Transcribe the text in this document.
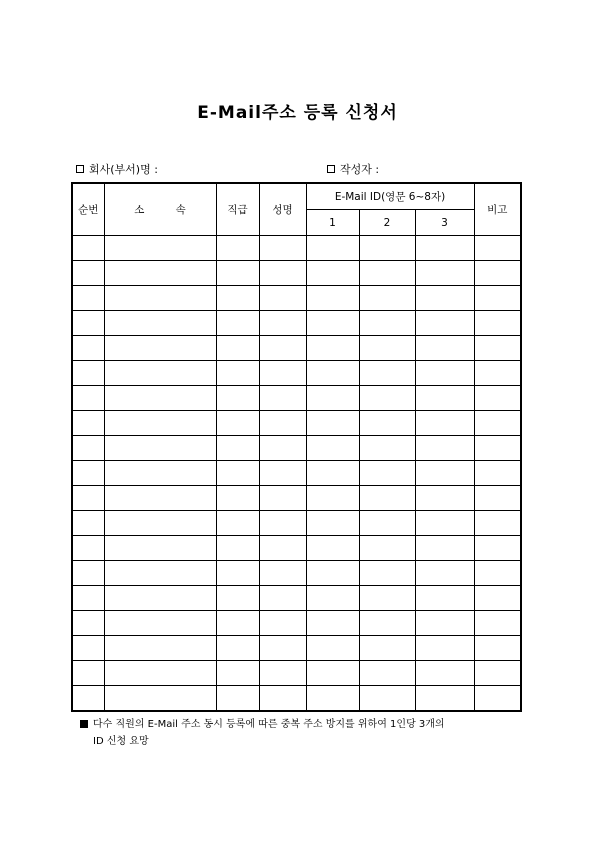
E-Mail주소 등록 신청서
회사(부서)명 :	작성자 :
순번	소 속	직급	성명	E-Mail ID(영문 6~8자)			비고
				1	2	3	

다수 직원의 E-Mail 주소 동시 등록에 따른 중복 주소 방지를 위하여 1인당 3개의
ID 신청 요망
